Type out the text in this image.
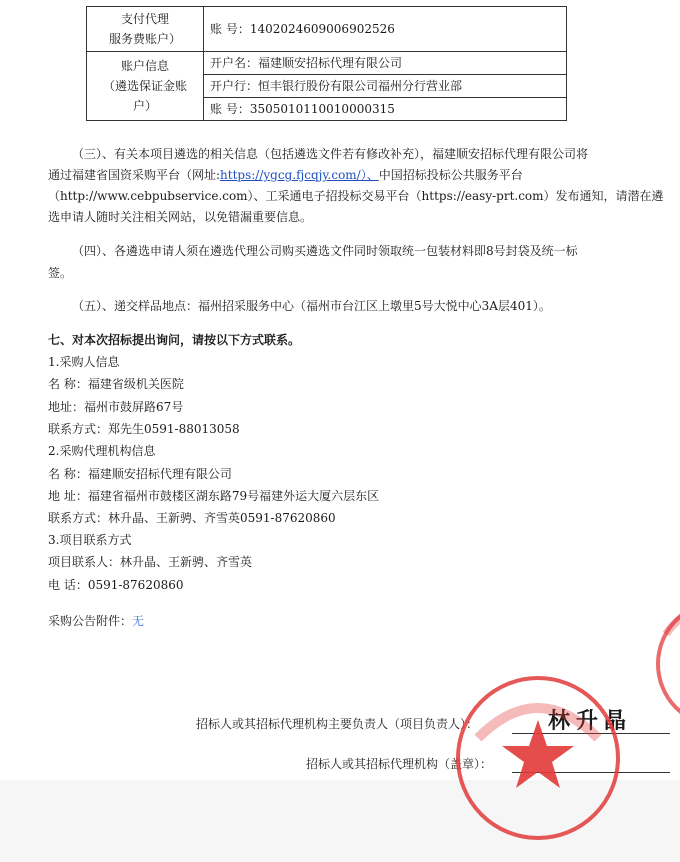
支付代理
服务费账户）	账 号：1402024609006902526
账户信息
（遴选保证金账
户）	开户名：福建顺安招标代理有限公司
	开户行：恒丰银行股份有限公司福州分行营业部
	账 号：3505010110010000315
（三）、有关本项目遴选的相关信息（包括遴选文件若有修改补充），福建顺安招标代理有限公司将
通过福建省国资采购平台（网址:https://ygcg.fjcqjy.com/）、中国招标投标公共服务平台
（http://www.cebpubservice.com）、工采通电子招投标交易平台（https://easy-prt.com）发布通知，请潜在遴
选申请人随时关注相关网站，以免错漏重要信息。
（四）、各遴选申请人须在遴选代理公司购买遴选文件同时领取统一包装材料即8号封袋及统一标
签。
（五）、递交样品地点：福州招采服务中心（福州市台江区上墩里5号大悦中心3A层401）。
七、对本次招标提出询问，请按以下方式联系。
1.采购人信息
名 称：福建省级机关医院
地址：福州市鼓屏路67号
联系方式：郑先生0591-88013058
2.采购代理机构信息
名 称：福建顺安招标代理有限公司
地 址：福建省福州市鼓楼区湖东路79号福建外运大厦六层东区
联系方式：林升晶、王新骋、齐雪英0591-87620860
3.项目联系方式
项目联系人：林升晶、王新骋、齐雪英
电 话：0591-87620860
采购公告附件：无
招标人或其招标代理机构主要负责人（项目负责人）：	林升晶
招标人或其招标代理机构（盖章）：
